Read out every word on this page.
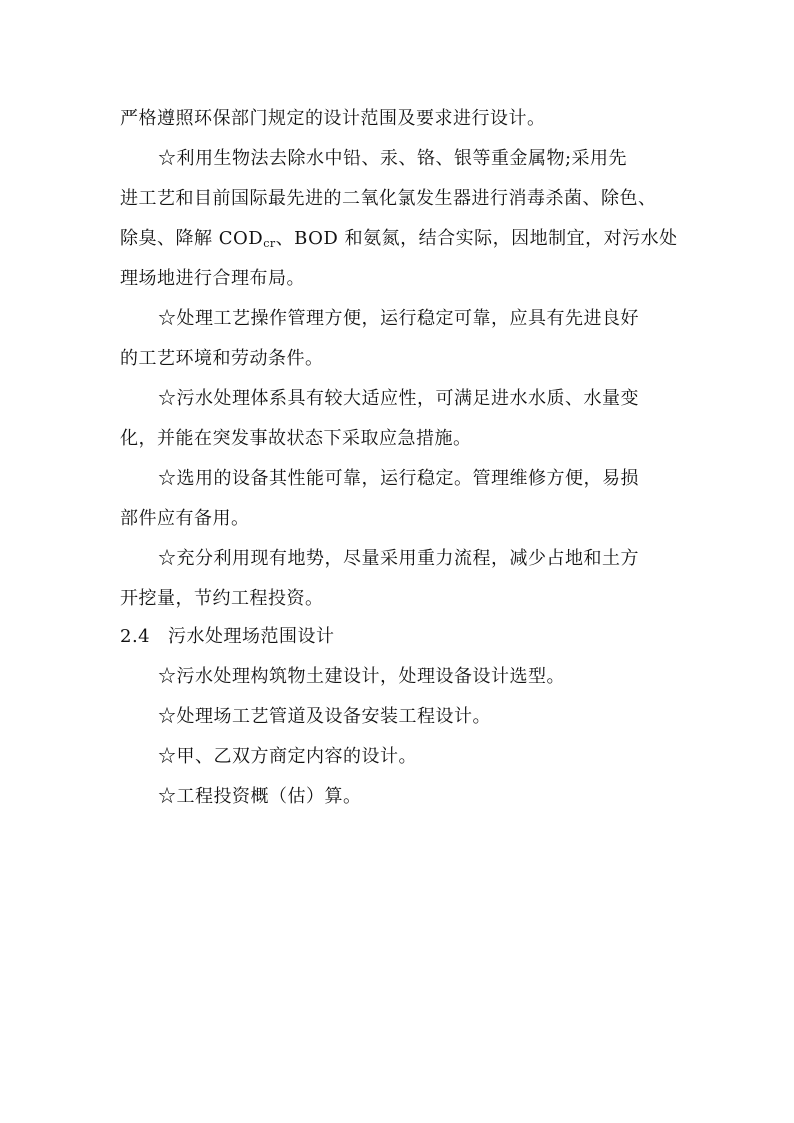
严格遵照环保部门规定的设计范围及要求进行设计。
☆利用生物法去除水中铅、汞、铬、银等重金属物;采用先
进工艺和目前国际最先进的二氧化氯发生器进行消毒杀菌、除色、
除臭、降解 $COD_{cr}$、BOD 和氨氮，结合实际，因地制宜，对污水处
理场地进行合理布局。
☆处理工艺操作管理方便，运行稳定可靠，应具有先进良好
的工艺环境和劳动条件。
☆污水处理体系具有较大适应性，可满足进水水质、水量变
化，并能在突发事故状态下采取应急措施。
☆选用的设备其性能可靠，运行稳定。管理维修方便，易损
部件应有备用。
☆充分利用现有地势，尽量采用重力流程，减少占地和土方
开挖量，节约工程投资。
2.4 污水处理场范围设计
☆污水处理构筑物土建设计，处理设备设计选型。
☆处理场工艺管道及设备安装工程设计。
☆甲、乙双方商定内容的设计。
☆工程投资概（估）算。
